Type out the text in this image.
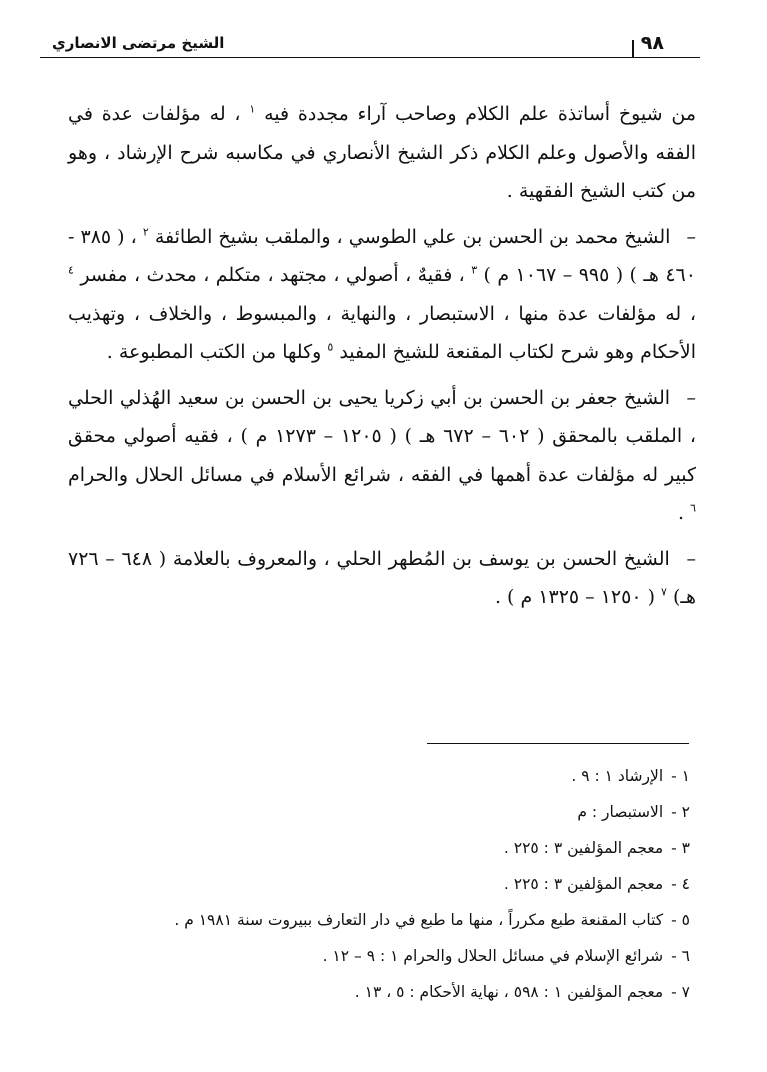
الشيخ مرتضى الانصاري	٩٨

من شيوخ أساتذة علم الكلام وصاحب آراء مجددة فيه $^١$ ، له مؤلفات عدة في الفقه والأصول وعلم الكلام ذكر الشيخ الأنصاري في مكاسبه شرح الإرشاد ، وهو من كتب الشيخ الفقهية .

– الشيخ محمد بن الحسن بن علي الطوسي ، والملقب بشيخ الطائفة $^٢$ ، ( ٣٨٥ - ٤٦٠ هـ ) ( ٩٩٥ – ١٠٦٧ م ) $^٣$ ، فقيهٌ ، أصولي ، مجتهد ، متكلم ، محدث ، مفسر $^٤$ ، له مؤلفات عدة منها ، الاستبصار ، والنهاية ، والمبسوط ، والخلاف ، وتهذيب الأحكام وهو شرح لكتاب المقنعة للشيخ المفيد $^٥$ وكلها من الكتب المطبوعة .

– الشيخ جعفر بن الحسن بن أبي زكريا يحيى بن الحسن بن سعيد الهُذلي الحلي ، الملقب بالمحقق ( ٦٠٢ – ٦٧٢ هـ ) ( ١٢٠٥ – ١٢٧٣ م ) ، فقيه أصولي محقق كبير له مؤلفات عدة أهمها في الفقه ، شرائع الأسلام في مسائل الحلال والحرام $^٦$ .

– الشيخ الحسن بن يوسف بن المُطهر الحلي ، والمعروف بالعلامة ( ٦٤٨ – ٧٢٦ هـ) $^٧$ ( ١٢٥٠ – ١٣٢٥ م ) .

١ -الإرشاد ١ : ٩ .
٢ -الاستبصار : م
٣ -معجم المؤلفين ٣ : ٢٢٥ .
٤ -معجم المؤلفين ٣ : ٢٢٥ .
٥ -كتاب المقنعة طبع مكرراً ، منها ما طبع في دار التعارف ببيروت سنة ١٩٨١ م .
٦ -شرائع الإسلام في مسائل الحلال والحرام ١ : ٩ – ١٢ .
٧ -معجم المؤلفين ١ : ٥٩٨ ، نهاية الأحكام : ٥ ، ١٣ .
